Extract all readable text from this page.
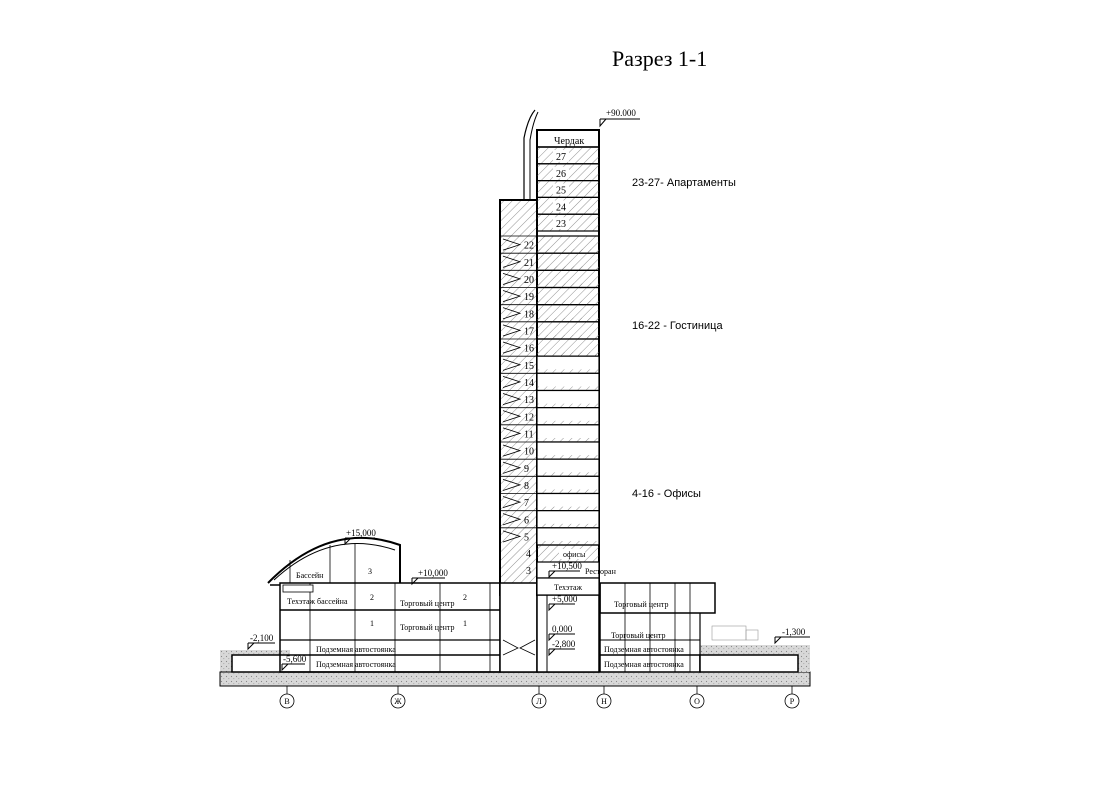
Разрез 1-1
27
26
25
24
23
22
21
20
19
18
17
16
15
14
13
12
11
10
9
8
7
6
5
В	Ж	Л	Н	О	Р
Чердак
+90.000
+15,000
+10,000
+10,500
+5,000
0,000
-2,800
-2,100
-5,600
-1,300
23-27- Апартаменты
16-22 - Гостиница
4-16 - Офисы
4	офисы
3	Ресторан
Техэтаж
Бассейн	3
Техэтаж бассейна	2
Торговый центр
2
1	Торговый центр 1
Подземная автостоянка
Подземная автостоянка
Торговый центр
Торговый центр
Подземная автостоянка
Подземная автостоянка
